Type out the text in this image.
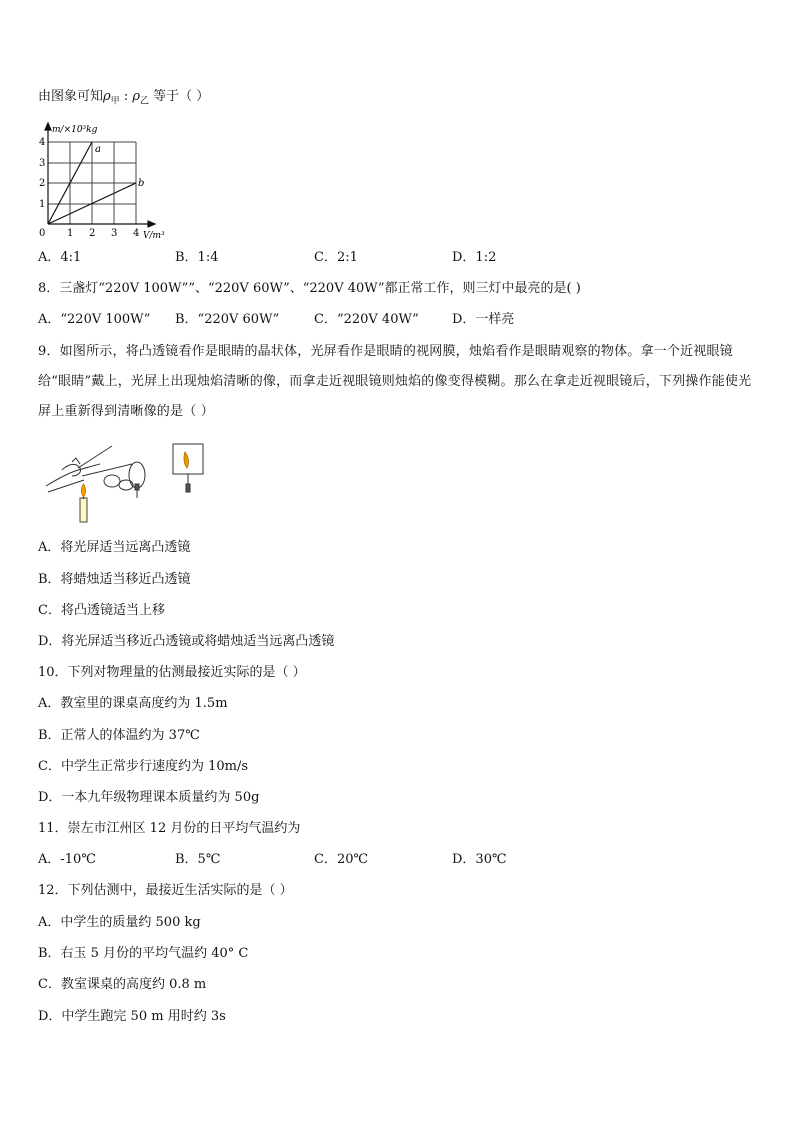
由图象可知$\rho_甲$ : $\rho_乙$ 等于（ ）
m/×10³kg
V/m³
0
1
2
3
4
1 2 3 4
a
b
A．4:1	B．1:4	C．2:1	D．1:2
8．三盏灯“220V 100W””、“220V 60W”、“220V 40W”都正常工作，则三灯中最亮的是( )
A．“220V 100W” B．“220V 60W”	C．“220V 40W”	D．一样亮
9．如图所示，将凸透镜看作是眼睛的晶状体，光屏看作是眼睛的视网膜，烛焰看作是眼睛观察的物体。拿一个近视眼镜给“眼睛”戴上，光屏上出现烛焰清晰的像，而拿走近视眼镜则烛焰的像变得模糊。那么在拿走近视眼镜后，下列操作能使光屏上重新得到清晰像的是（ ）
A．将光屏适当远离凸透镜
B．将蜡烛适当移近凸透镜
C．将凸透镜适当上移
D．将光屏适当移近凸透镜或将蜡烛适当远离凸透镜
10．下列对物理量的估测最接近实际的是（ ）
A．教室里的课桌高度约为 1.5m
B．正常人的体温约为 37℃
C．中学生正常步行速度约为 10m/s
D．一本九年级物理课本质量约为 50g
11．崇左市江州区 12 月份的日平均气温约为
A．-10℃	B．5℃	C．20℃	D．30℃
12．下列估测中，最接近生活实际的是（ ）
A．中学生的质量约 500 kg
B．右玉 5 月份的平均气温约 40° C
C．教室课桌的高度约 0.8 m
D．中学生跑完 50 m 用时约 3s
